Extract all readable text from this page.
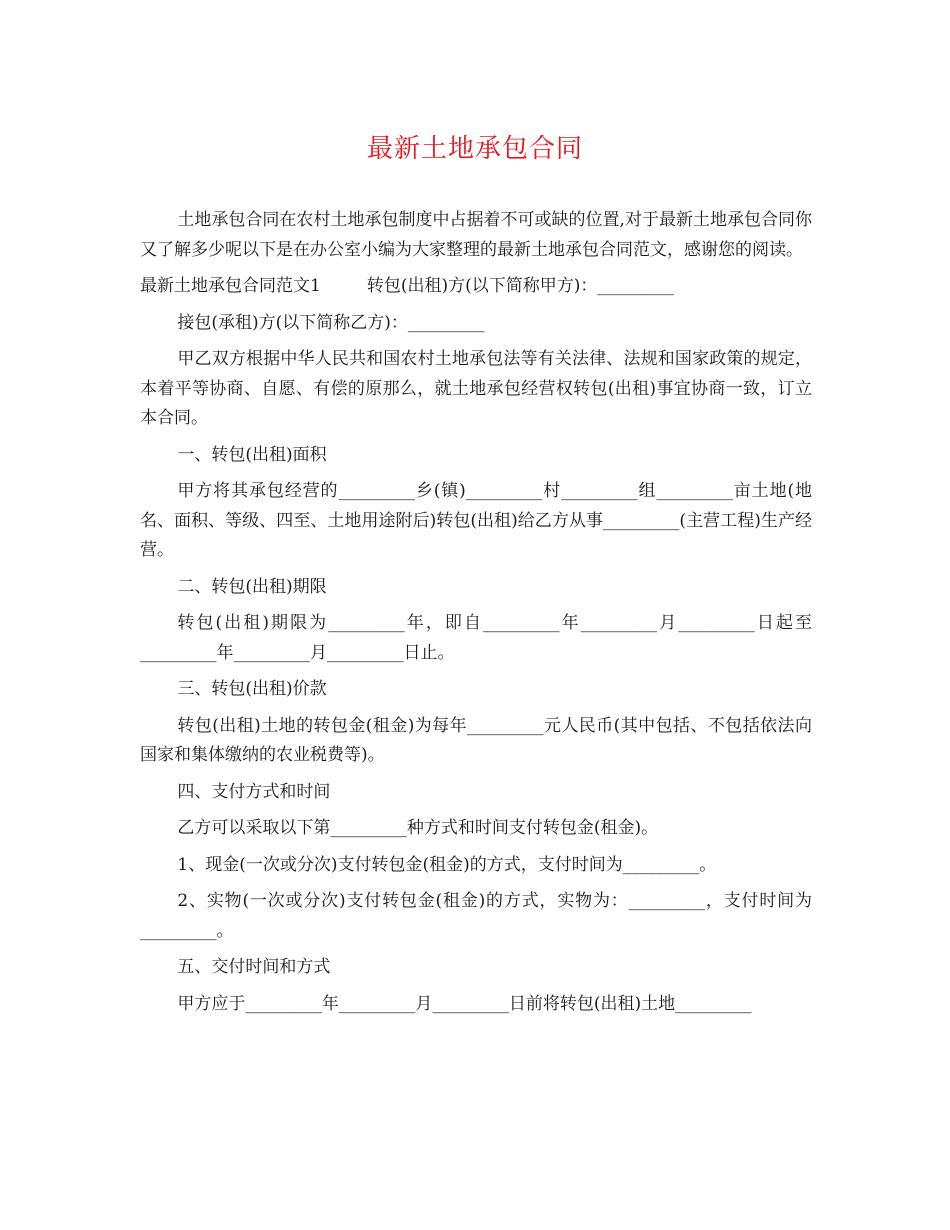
最新土地承包合同

土地承包合同在农村土地承包制度中占据着不可或缺的位置,对于最新土地承包合同你又了解多少呢以下是在办公室小编为大家整理的最新土地承包合同范文，感谢您的阅读。

最新土地承包合同范文1	转包(出租)方(以下简称甲方)：_________

接包(承租)方(以下简称乙方)：_________

甲乙双方根据中华人民共和国农村土地承包法等有关法律、法规和国家政策的规定，本着平等协商、自愿、有偿的原那么，就土地承包经营权转包(出租)事宜协商一致，订立本合同。

一、转包(出租)面积

甲方将其承包经营的_________乡(镇)_________村_________组_________亩土地(地名、面积、等级、四至、土地用途附后)转包(出租)给乙方从事_________(主营工程)生产经营。

二、转包(出租)期限

转包(出租)期限为_________年，即自_________年_________月_________日起至_________年_________月_________日止。

三、转包(出租)价款

转包(出租)土地的转包金(租金)为每年_________元人民币(其中包括、不包括依法向国家和集体缴纳的农业税费等)。

四、支付方式和时间

乙方可以采取以下第_________种方式和时间支付转包金(租金)。

1、现金(一次或分次)支付转包金(租金)的方式，支付时间为_________。

2、实物(一次或分次)支付转包金(租金)的方式，实物为：_________，支付时间为_________。

五、交付时间和方式

甲方应于_________年_________月_________日前将转包(出租)土地_________
